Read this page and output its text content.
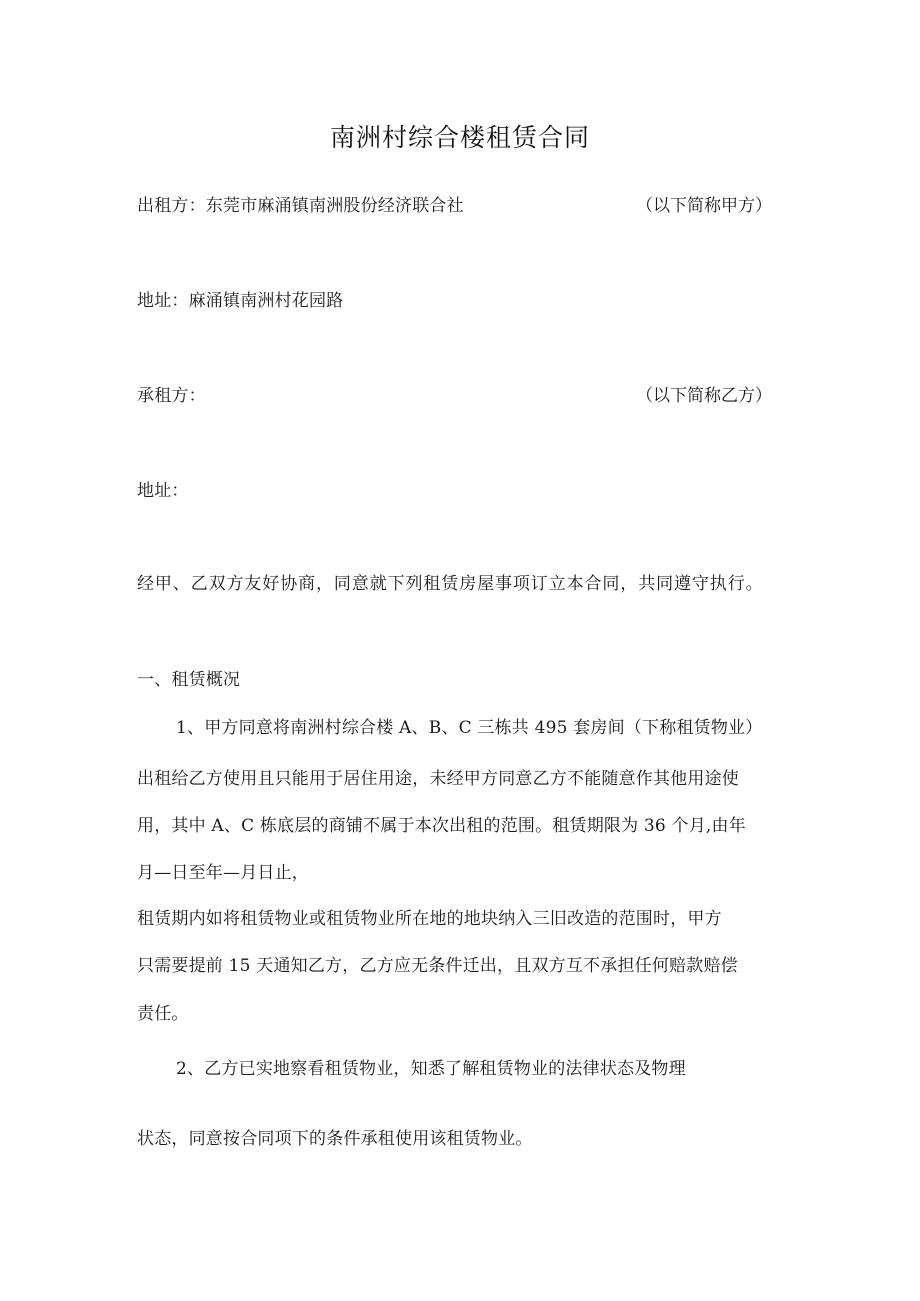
南洲村综合楼租赁合同
出租方：东莞市麻涌镇南洲股份经济联合社	（以下简称甲方）
地址：麻涌镇南洲村花园路
承租方：	（以下简称乙方）
地址：
经甲、乙双方友好协商，同意就下列租赁房屋事项订立本合同，共同遵守执行。
一、租赁概况
1、甲方同意将南洲村综合楼 A、B、C 三栋共 495 套房间（下称租赁物业）
出租给乙方使用且只能用于居住用途，未经甲方同意乙方不能随意作其他用途使
用，其中 A、C 栋底层的商铺不属于本次出租的范围。租赁期限为 36 个月,由年
月—日至年—月日止，
租赁期内如将租赁物业或租赁物业所在地的地块纳入三旧改造的范围时，甲方
只需要提前 15 天通知乙方，乙方应无条件迁出，且双方互不承担任何赔款赔偿
责任。
2、乙方已实地察看租赁物业，知悉了解租赁物业的法律状态及物理
状态，同意按合同项下的条件承租使用该租赁物业。
